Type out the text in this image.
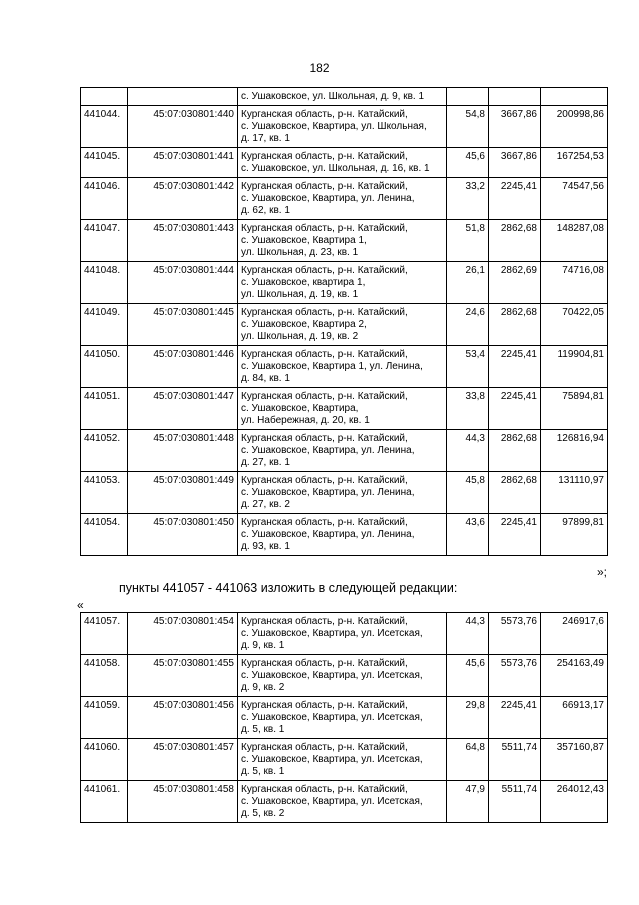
182

		с. Ушаковское, ул. Школьная, д. 9, кв. 1			

441044.	45:07:030801:440	Курганская область, р-н. Катайский,
с. Ушаковское, Квартира, ул. Школьная,
д. 17, кв. 1	54,8	3667,86	200998,86
441045.	45:07:030801:441	Курганская область, р-н. Катайский,
с. Ушаковское, ул. Школьная, д. 16, кв. 1	45,6	3667,86	167254,53
441046.	45:07:030801:442	Курганская область, р-н. Катайский,
с. Ушаковское, Квартира, ул. Ленина,
д. 62, кв. 1	33,2	2245,41	74547,56
441047.	45:07:030801:443	Курганская область, р-н. Катайский,
с. Ушаковское, Квартира 1,
ул. Школьная, д. 23, кв. 1	51,8	2862,68	148287,08
441048.	45:07:030801:444	Курганская область, р-н. Катайский,
с. Ушаковское, квартира 1,
ул. Школьная, д. 19, кв. 1	26,1	2862,69	74716,08
441049.	45:07:030801:445	Курганская область, р-н. Катайский,
с. Ушаковское, Квартира 2,
ул. Школьная, д. 19, кв. 2	24,6	2862,68	70422,05
441050.	45:07:030801:446	Курганская область, р-н. Катайский,
с. Ушаковское, Квартира 1, ул. Ленина,
д. 84, кв. 1	53,4	2245,41	119904,81
441051.	45:07:030801:447	Курганская область, р-н. Катайский,
с. Ушаковское, Квартира,
ул. Набережная, д. 20, кв. 1	33,8	2245,41	75894,81
441052.	45:07:030801:448	Курганская область, р-н. Катайский,
с. Ушаковское, Квартира, ул. Ленина,
д. 27, кв. 1	44,3	2862,68	126816,94
441053.	45:07:030801:449	Курганская область, р-н. Катайский,
с. Ушаковское, Квартира, ул. Ленина,
д. 27, кв. 2	45,8	2862,68	131110,97
441054.	45:07:030801:450	Курганская область, р-н. Катайский,
с. Ушаковское, Квартира, ул. Ленина,
д. 93, кв. 1	43,6	2245,41	97899,81
»;
пункты 441057 - 441063 изложить в следующей редакции:
«
441057.	45:07:030801:454	Курганская область, р-н. Катайский,
с. Ушаковское, Квартира, ул. Исетская,
д. 9, кв. 1	44,3	5573,76	246917,6
441058.	45:07:030801:455	Курганская область, р-н. Катайский,
с. Ушаковское, Квартира, ул. Исетская,
д. 9, кв. 2	45,6	5573,76	254163,49
441059.	45:07:030801:456	Курганская область, р-н. Катайский,
с. Ушаковское, Квартира, ул. Исетская,
д. 5, кв. 1	29,8	2245,41	66913,17
441060.	45:07:030801:457	Курганская область, р-н. Катайский,
с. Ушаковское, Квартира, ул. Исетская,
д. 5, кв. 1	64,8	5511,74	357160,87
441061.	45:07:030801:458	Курганская область, р-н. Катайский,
с. Ушаковское, Квартира, ул. Исетская,
д. 5, кв. 2	47,9	5511,74	264012,43
